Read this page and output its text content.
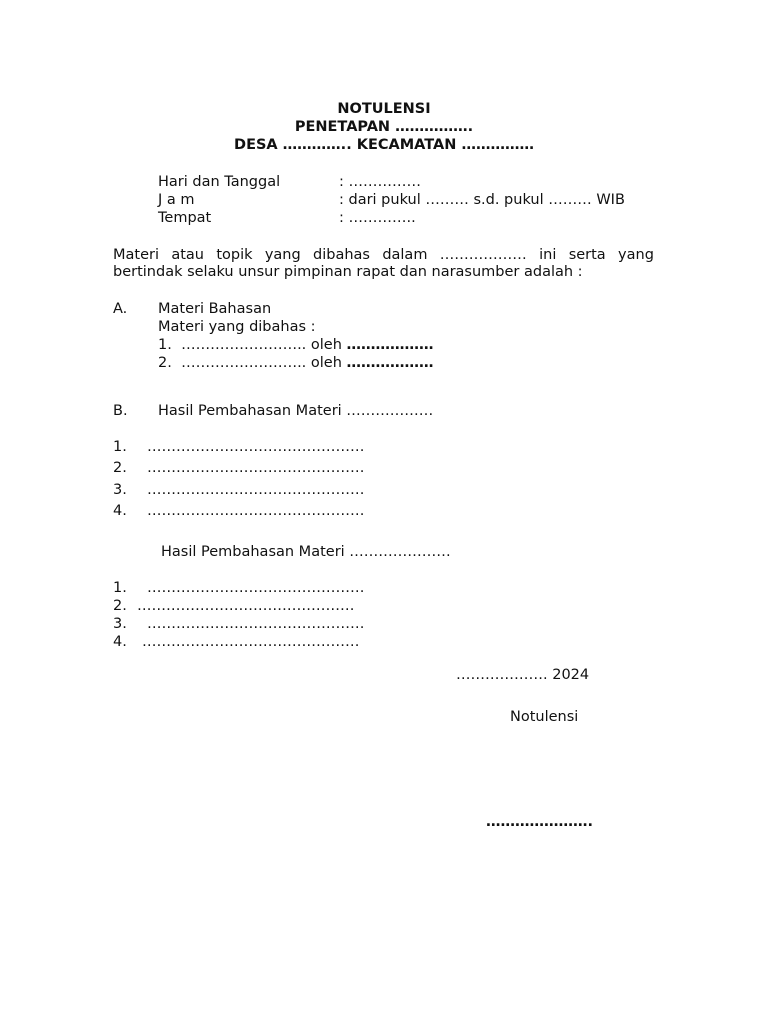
NOTULENSI
PENETAPAN …………….
DESA ………….. KECAMATAN ……………
Hari dan Tanggal	: ……………
J a m	: dari pukul ……… s.d. pukul ……… WIB
Tempat	: …………..
Materi atau topik yang dibahas dalam ……………… ini serta yang
bertindak selaku unsur pimpinan rapat dan narasumber adalah :
A. Materi Bahasan
Materi yang dibahas :
1. …………………….. oleh ………………
2. …………………….. oleh ………………
B. Hasil Pembahasan Materi ………………
1. ………………………………………
2. ………………………………………
3. ………………………………………
4. ………………………………………
Hasil Pembahasan Materi …………………
1. ………………………………………
2. ………………………………………
3. ………………………………………
4. ………………………………………
………………. 2024
Notulensi
………………….
